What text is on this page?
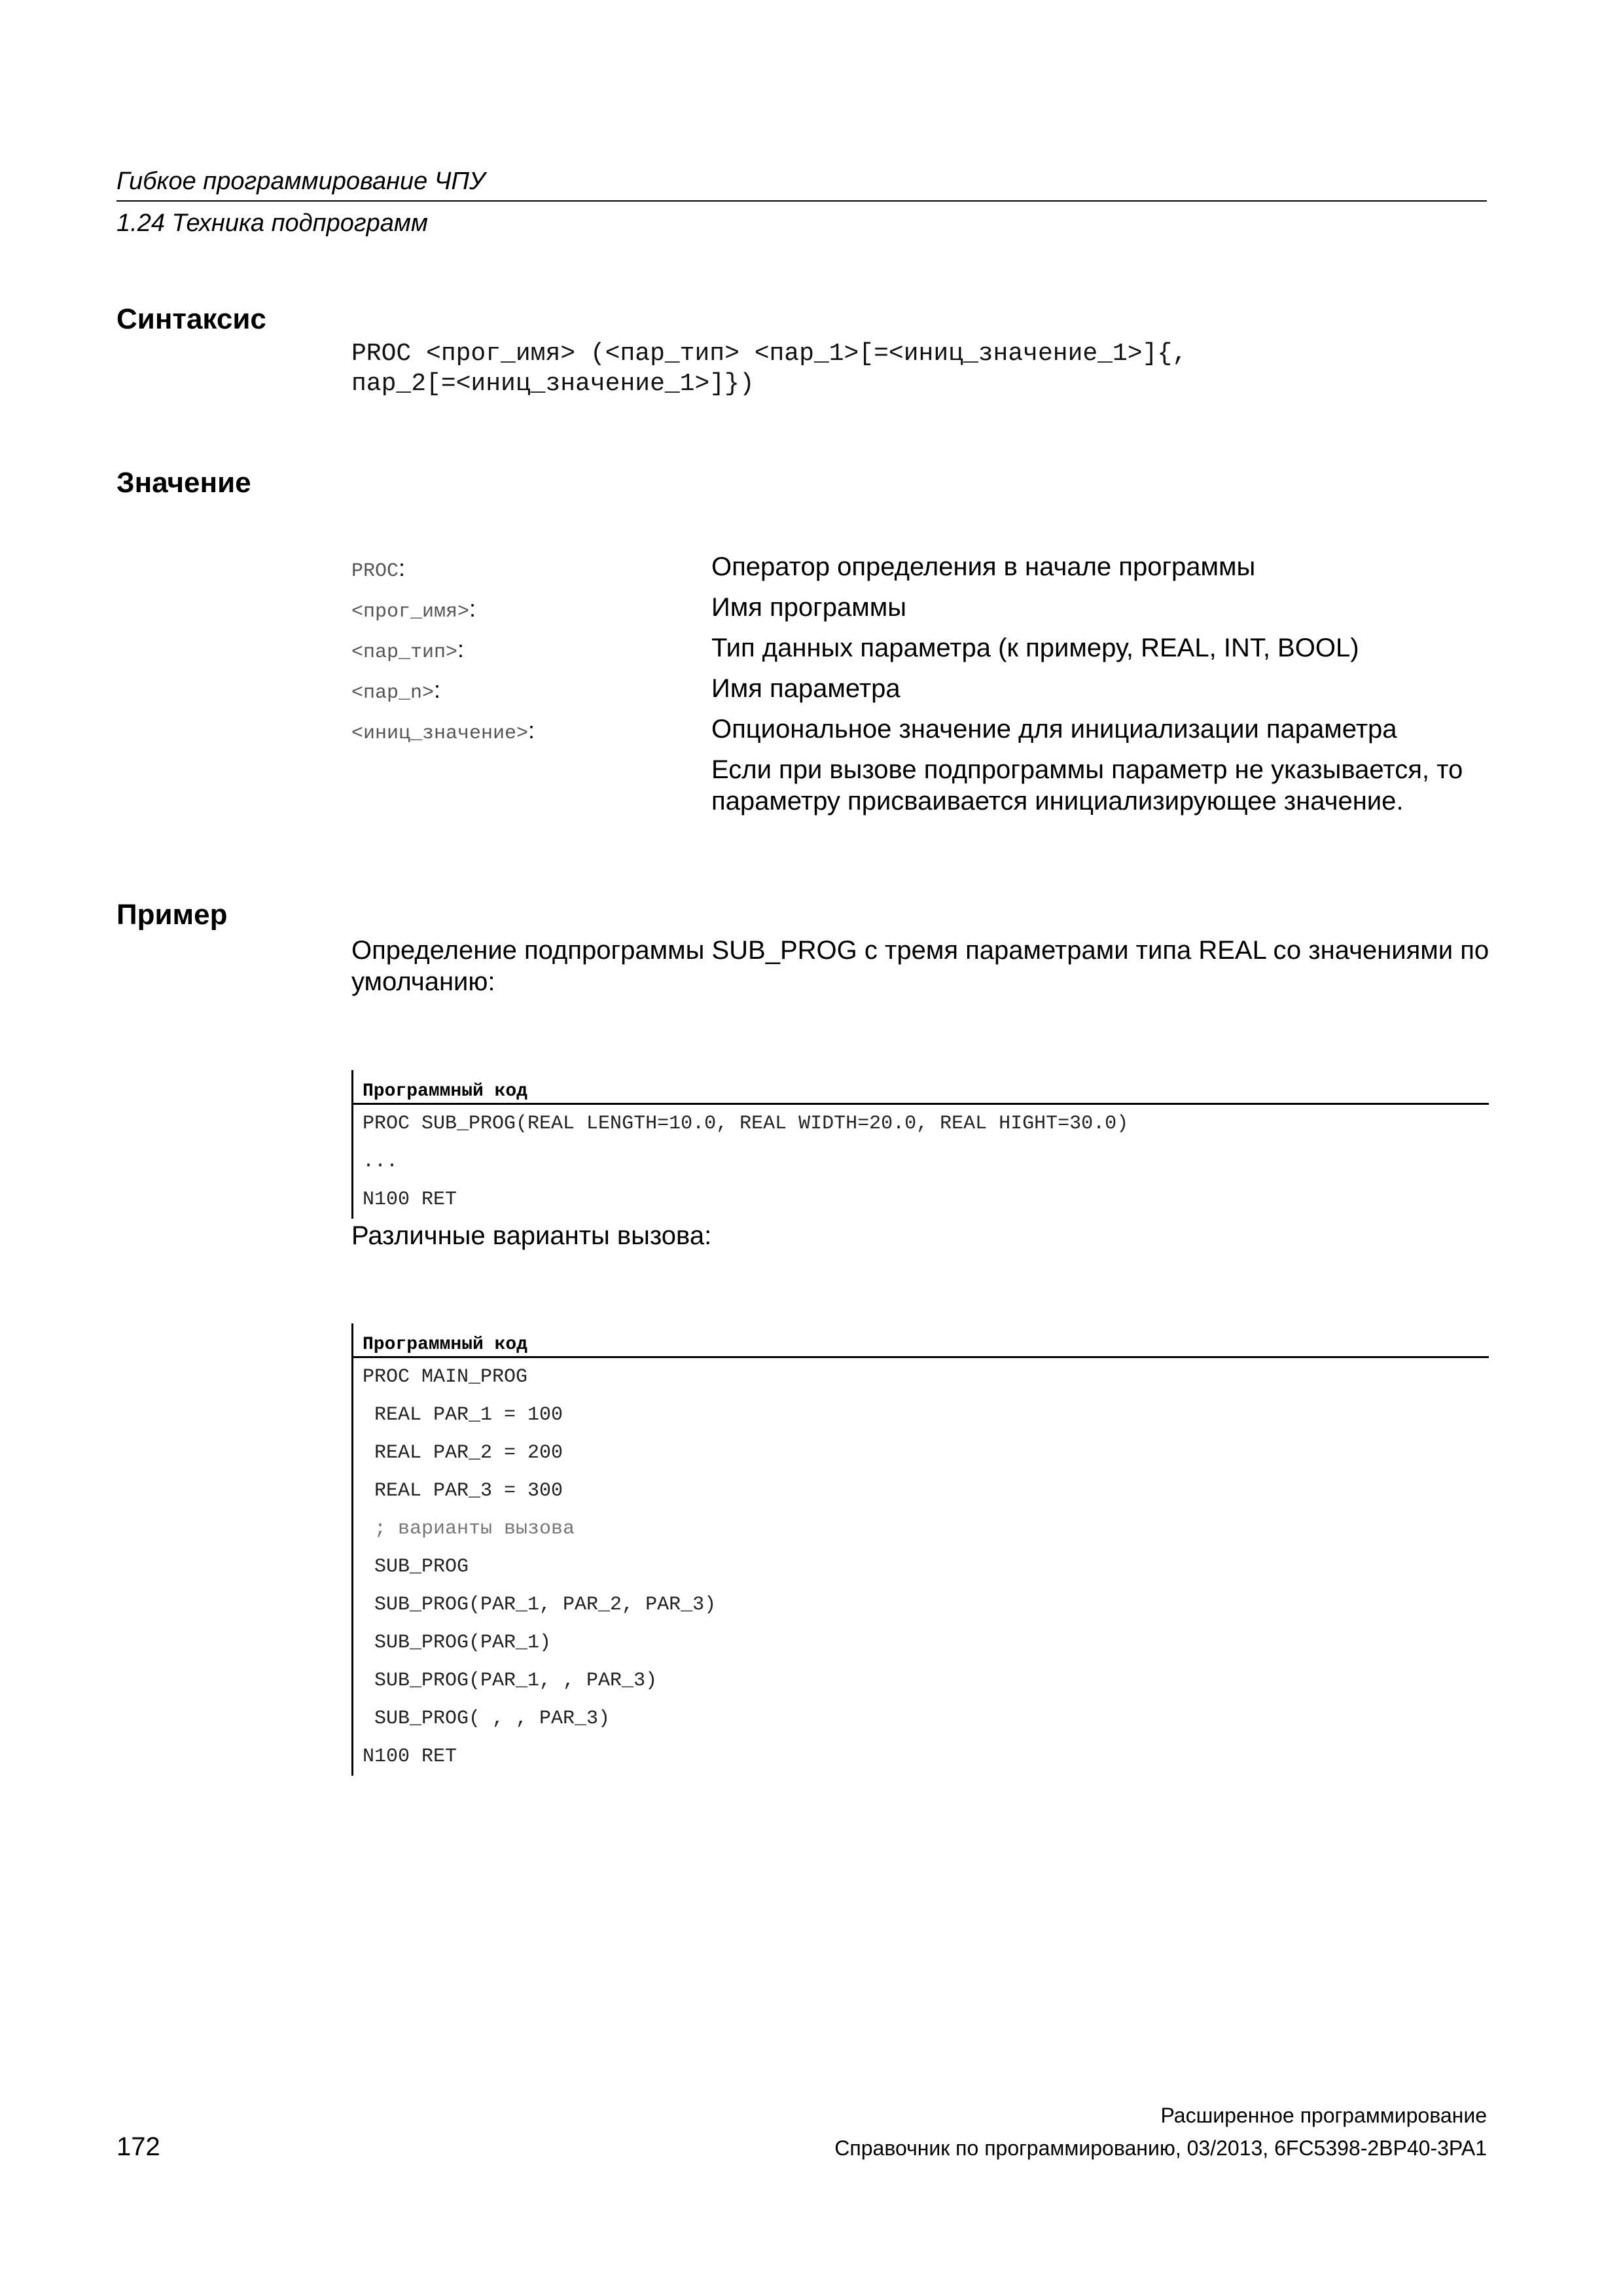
Гибкое программирование ЧПУ
1.24 Техника подпрограмм
Синтаксис
PROC <прог_имя> (<пар_тип> <пар_1>[=<иниц_значение_1>]{,
пар_2[=<иниц_значение_1>]})
Значение
PROC:	Оператор определения в начале программы
<прог_имя>:	Имя программы
<пар_тип>:	Тип данных параметра (к примеру, REAL, INT, BOOL)
<пар_n>:	Имя параметра
<иниц_значение>:	Опциональное значение для инициализации параметра
Если при вызове подпрограммы параметр не указывается, то параметру присваивается инициализирующее значение.
Пример
Определение подпрограммы SUB_PROG с тремя параметрами типа REAL со значениями по умолчанию:
Программный код
PROC SUB_PROG(REAL LENGTH=10.0, REAL WIDTH=20.0, REAL HIGHT=30.0)
...
N100 RET
Различные варианты вызова:
Программный код
PROC MAIN_PROG
REAL PAR_1 = 100
REAL PAR_2 = 200
REAL PAR_3 = 300
; варианты вызова
SUB_PROG
SUB_PROG(PAR_1, PAR_2, PAR_3)
SUB_PROG(PAR_1)
SUB_PROG(PAR_1, , PAR_3)
SUB_PROG( , , PAR_3)
N100 RET
Расширенное программирование
172	Справочник по программированию, 03/2013, 6FC5398-2BP40-3PA1
